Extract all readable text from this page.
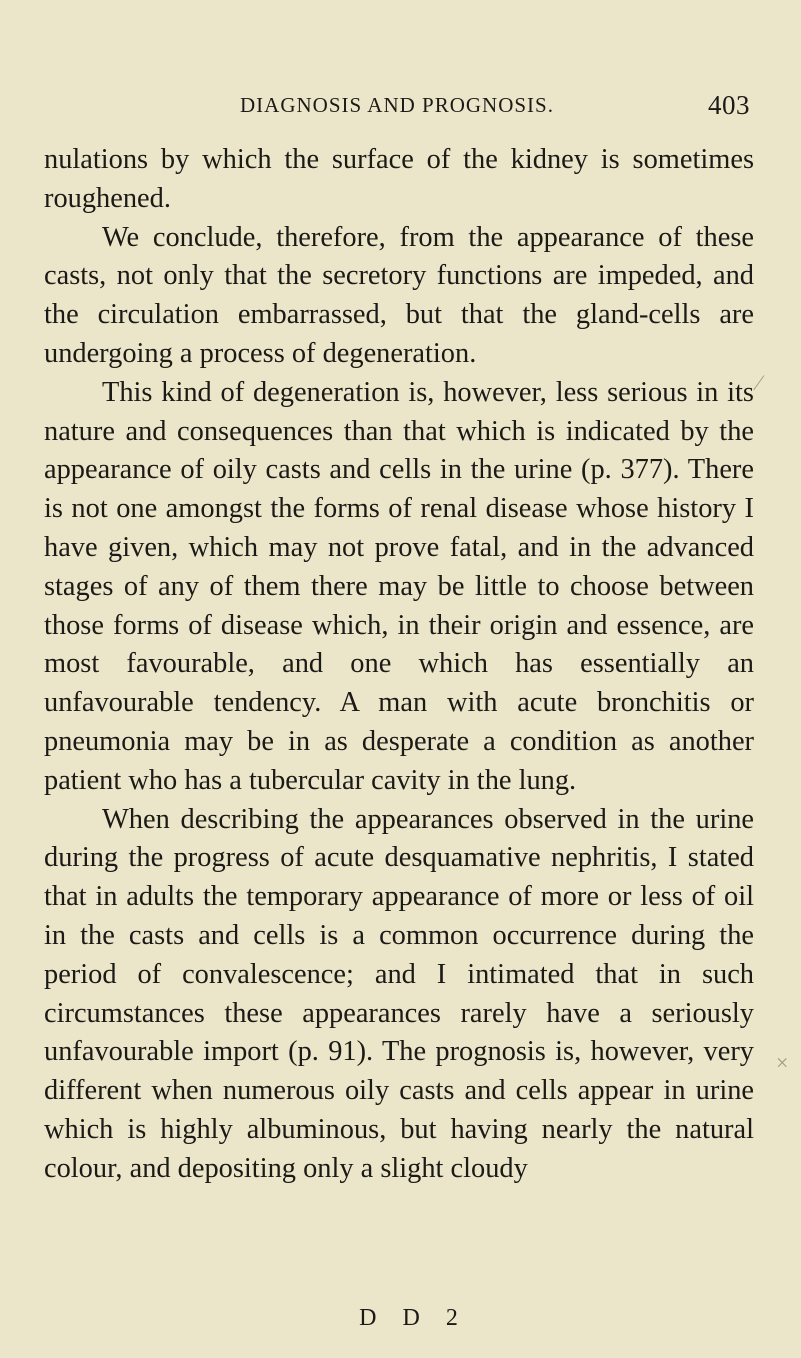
DIAGNOSIS AND PROGNOSIS.	403

nulations by which the surface of the kidney is sometimes roughened.

We conclude, therefore, from the appearance of these casts, not only that the secretory functions are impeded, and the circulation embarrassed, but that the gland-cells are undergoing a process of degeneration.

This kind of degeneration is, however, less serious in its nature and consequences than that which is indicated by the appearance of oily casts and cells in the urine (p. 377). There is not one amongst the forms of renal disease whose history I have given, which may not prove fatal, and in the advanced stages of any of them there may be little to choose between those forms of disease which, in their origin and essence, are most favourable, and one which has essentially an unfavourable tendency. A man with acute bronchitis or pneumonia may be in as desperate a condition as another patient who has a tubercular cavity in the lung.

When describing the appearances observed in the urine during the progress of acute desquamative nephritis, I stated that in adults the temporary appearance of more or less of oil in the casts and cells is a common occurrence during the period of convalescence; and I intimated that in such circumstances these appearances rarely have a seriously unfavourable import (p. 91). The prognosis is, however, very different when numerous oily casts and cells appear in urine which is highly albuminous, but having nearly the natural colour, and depositing only a slight cloudy

D D 2
⁄
×
